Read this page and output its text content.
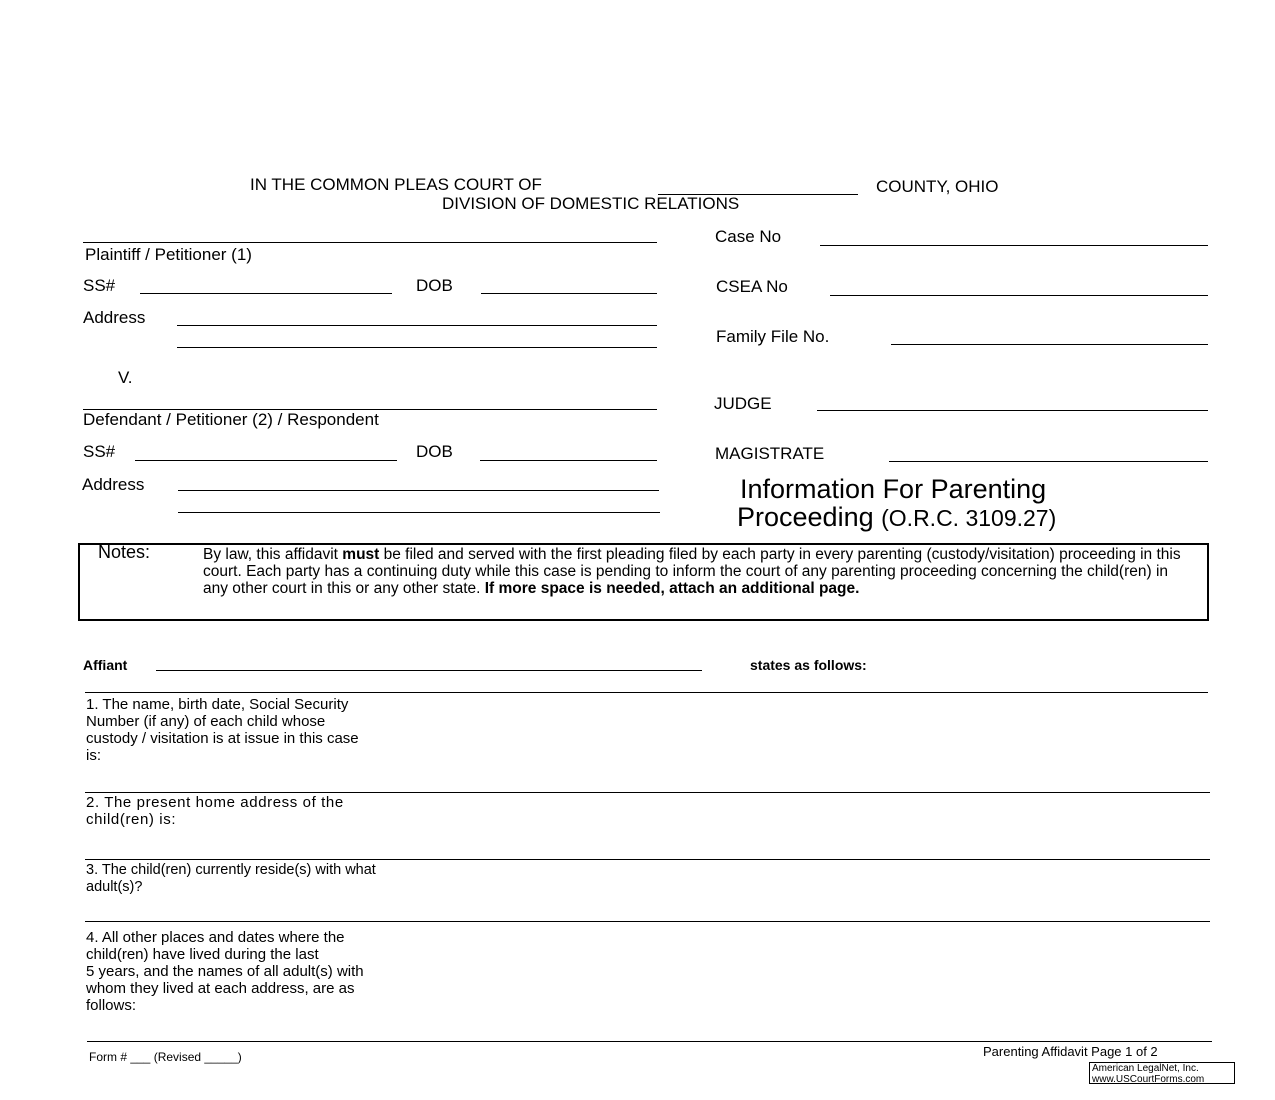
IN THE COMMON PLEAS COURT OF	COUNTY, OHIO
DIVISION OF DOMESTIC RELATIONS
Plaintiff / Petitioner (1)
SS#	DOB
Address
V.
Defendant / Petitioner (2) / Respondent
SS#	DOB
Address
Case No
CSEA No
Family File No.
JUDGE
MAGISTRATE
Information For Parenting
Proceeding (O.R.C. 3109.27)
Notes:	By law, this affidavit must be filed and served with the first pleading filed by each party in every parenting (custody/visitation) proceeding in this court. Each party has a continuing duty while this case is pending to inform the court of any parenting proceeding concerning the child(ren) in any other court in this or any other state. If more space is needed, attach an additional page.
Affiant	states as follows:
1. The name, birth date, Social Security
Number (if any) of each child whose
custody / visitation is at issue in this case
is:
2. The present home address of the
child(ren) is:
3. The child(ren) currently reside(s) with what
adult(s)?
4. All other places and dates where the
child(ren) have lived during the last
5 years, and the names of all adult(s) with
whom they lived at each address, are as
follows:
Form # ___ (Revised _____)	Parenting Affidavit Page 1 of 2
American LegalNet, Inc.
www.USCourtForms.com
